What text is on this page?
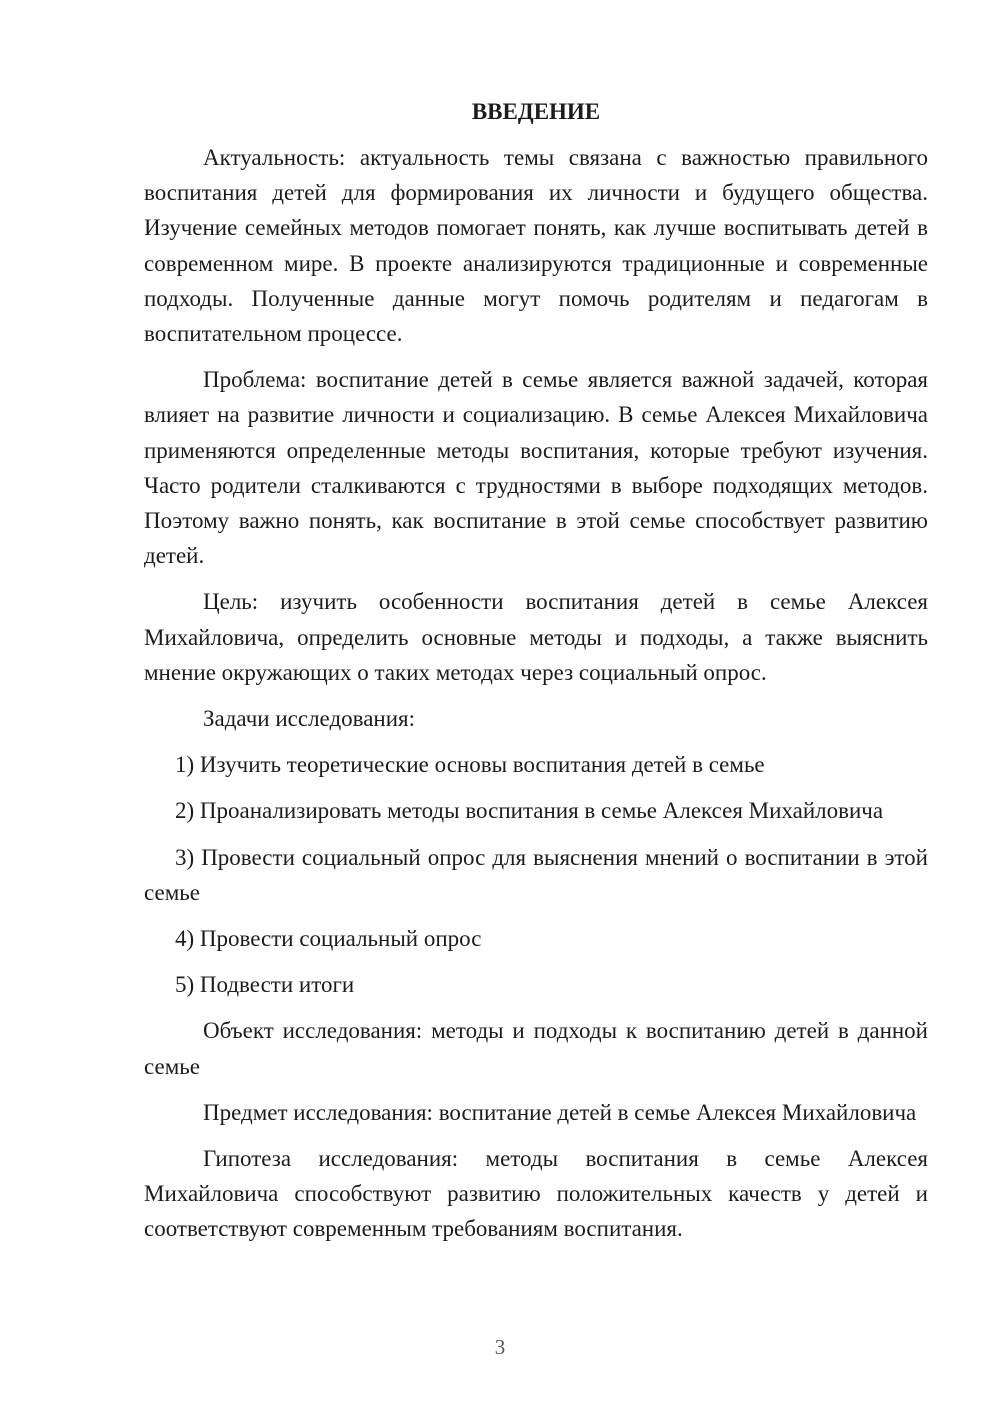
ВВЕДЕНИЕ

Актуальность: актуальность темы связана с важностью правильного воспитания детей для формирования их личности и будущего общества. Изучение семейных методов помогает понять, как лучше воспитывать детей в современном мире. В проекте анализируются традиционные и современные подходы. Полученные данные могут помочь родителям и педагогам в воспитательном процессе.

Проблема: воспитание детей в семье является важной задачей, которая влияет на развитие личности и социализацию. В семье Алексея Михайловича применяются определенные методы воспитания, которые требуют изучения. Часто родители сталкиваются с трудностями в выборе подходящих методов. Поэтому важно понять, как воспитание в этой семье способствует развитию детей.

Цель: изучить особенности воспитания детей в семье Алексея Михайловича, определить основные методы и подходы, а также выяснить мнение окружающих о таких методах через социальный опрос.

Задачи исследования:

1) Изучить теоретические основы воспитания детей в семье

2) Проанализировать методы воспитания в семье Алексея Михайловича

3) Провести социальный опрос для выяснения мнений о воспитании в этой семье

4) Провести социальный опрос

5) Подвести итоги

Объект исследования: методы и подходы к воспитанию детей в данной семье

Предмет исследования: воспитание детей в семье Алексея Михайловича

Гипотеза исследования: методы воспитания в семье Алексея Михайловича способствуют развитию положительных качеств у детей и соответствуют современным требованиям воспитания.

3
